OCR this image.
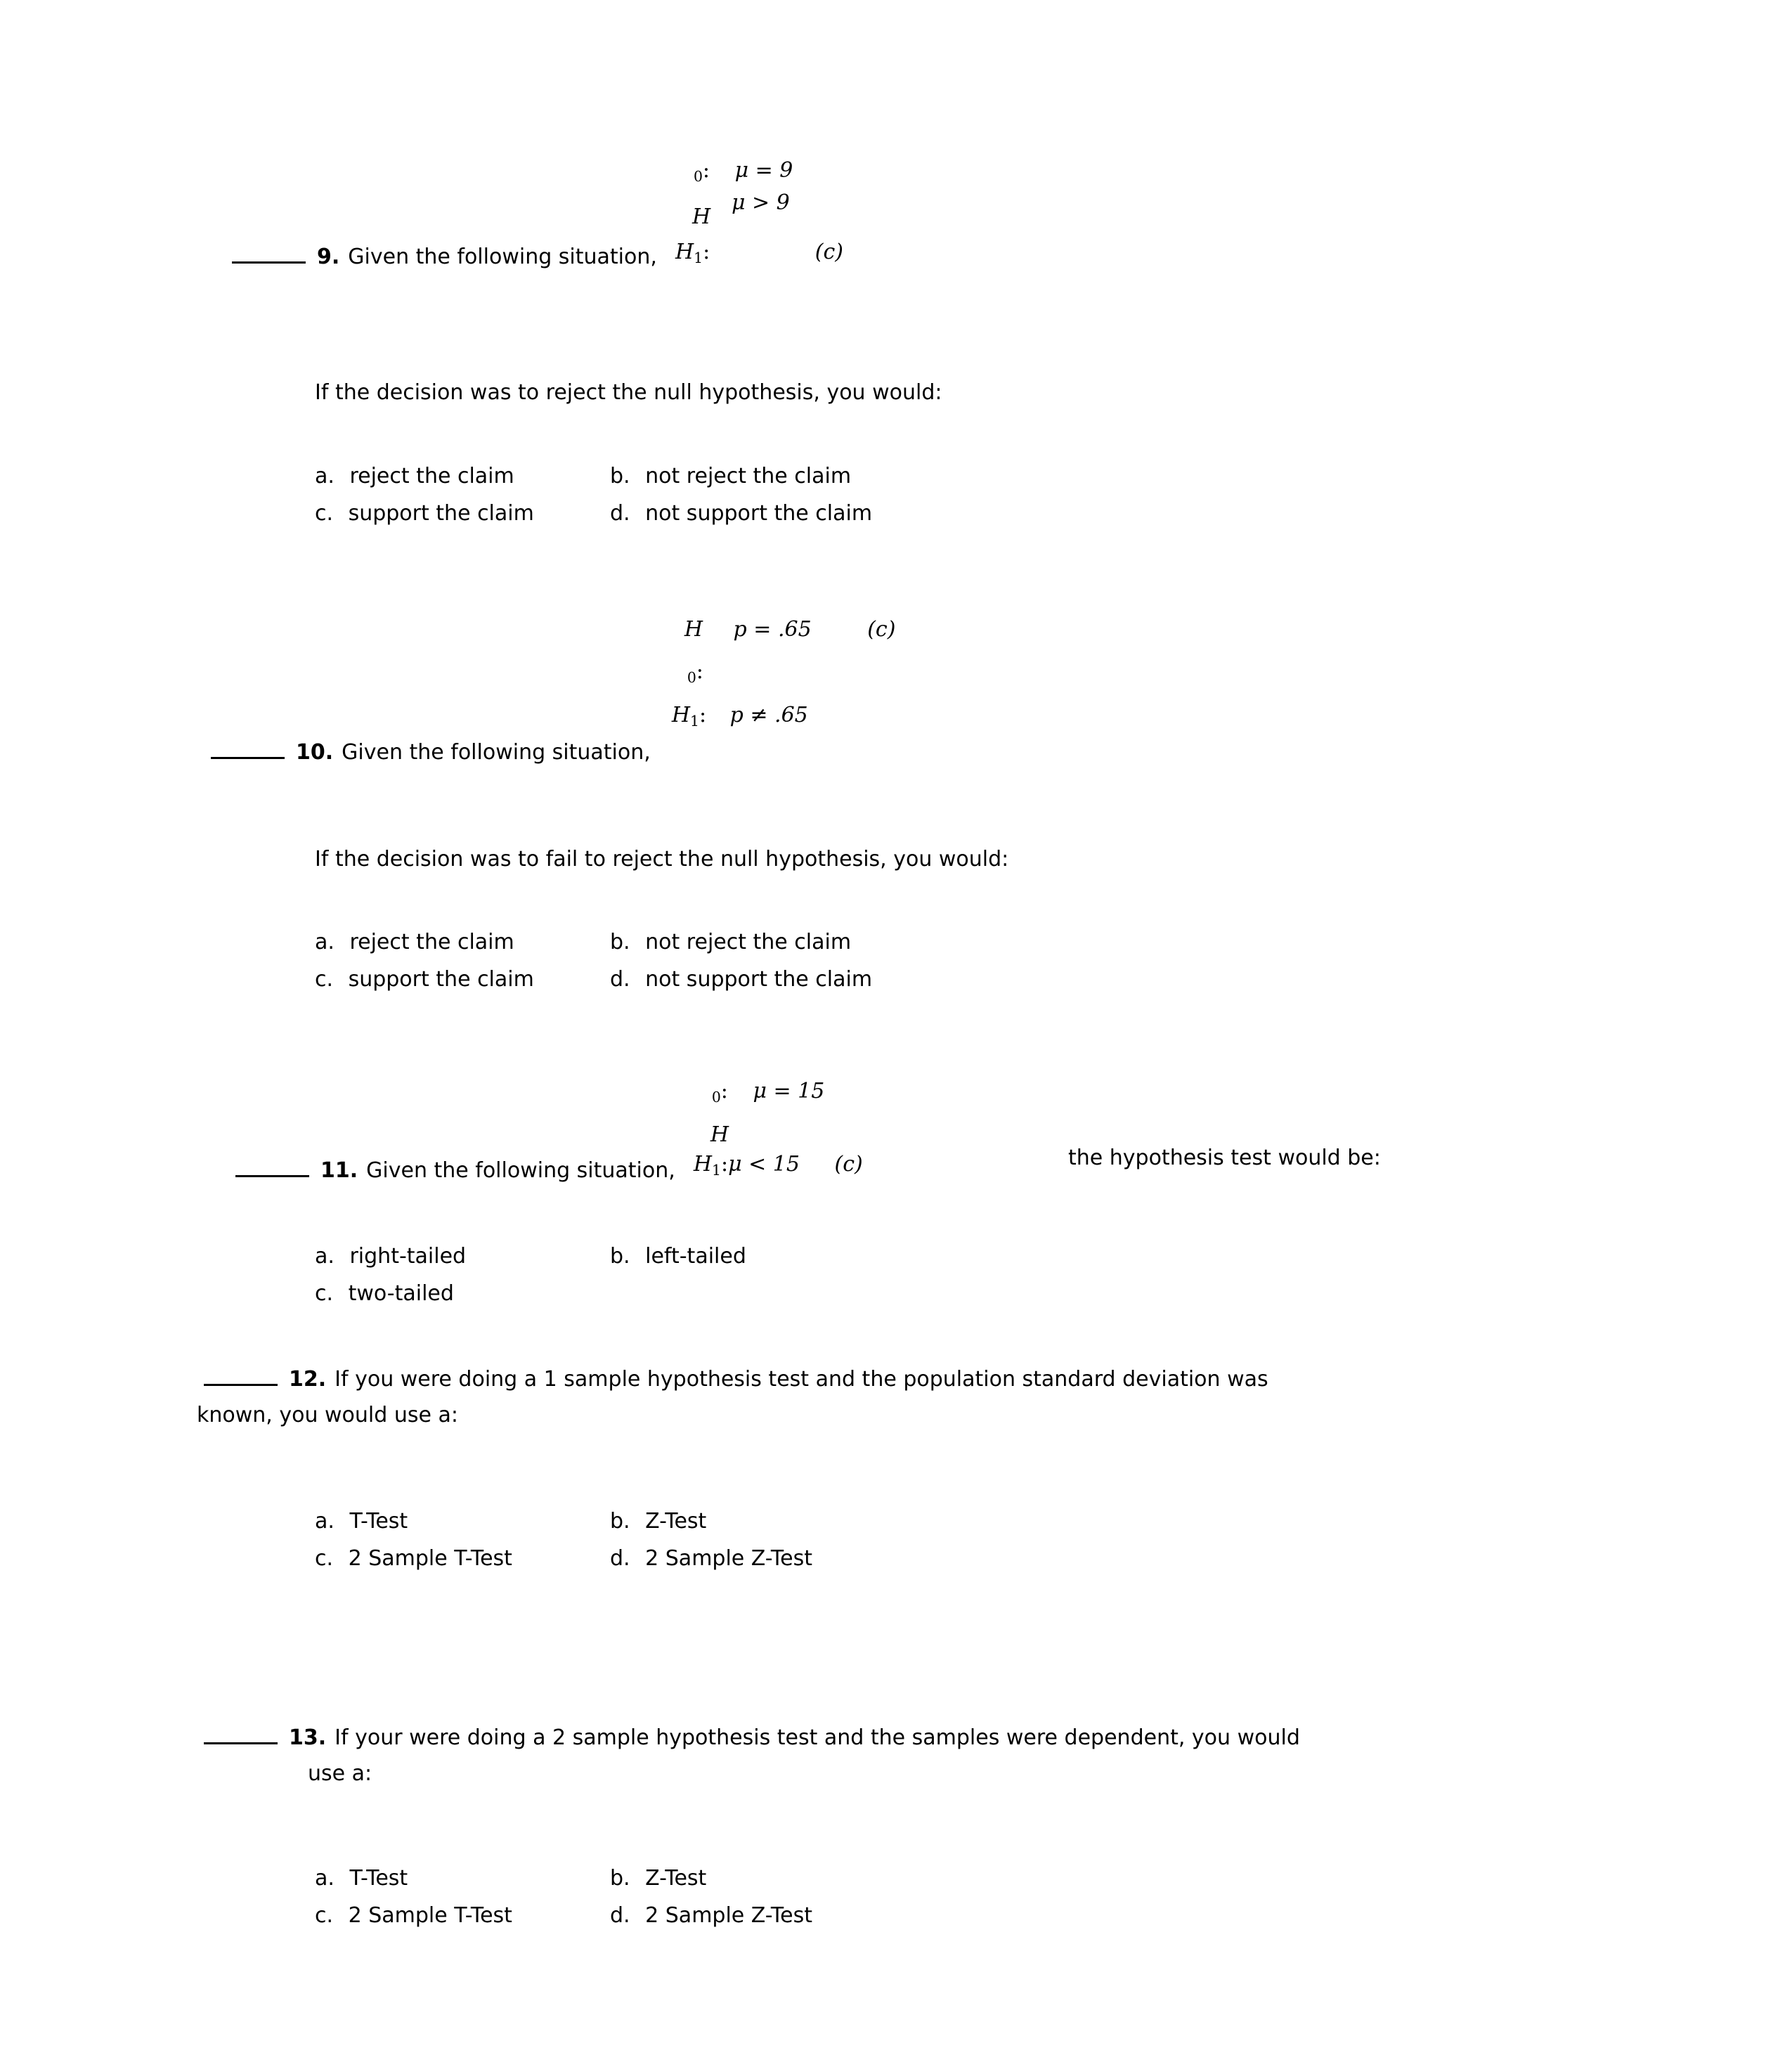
9. Given the following situation,
$_0$: μ = 9
μ > 9
H
$H_1$:	(c)
If the decision was to reject the null hypothesis, you would:
a. reject the claim	b. not reject the claim
c. support the claim	d. not support the claim
10. Given the following situation,
H p = .65	(c)
$_0$:
$H_1$: p ≠ .65
If the decision was to fail to reject the null hypothesis, you would:
a. reject the claim	b. not reject the claim
c. support the claim	d. not support the claim
11. Given the following situation,
$_0$: μ = 15
H
$H_1:\mu < 15$ (c)	the hypothesis test would be:
a. right-tailed	b. left-tailed
c. two-tailed
12. If you were doing a 1 sample hypothesis test and the population standard deviation was
known, you would use a:
a. T-Test	b. Z-Test
c. 2 Sample T-Test	d. 2 Sample Z-Test
13. If your were doing a 2 sample hypothesis test and the samples were dependent, you would
use a:
a. T-Test	b. Z-Test
c. 2 Sample T-Test	d. 2 Sample Z-Test
